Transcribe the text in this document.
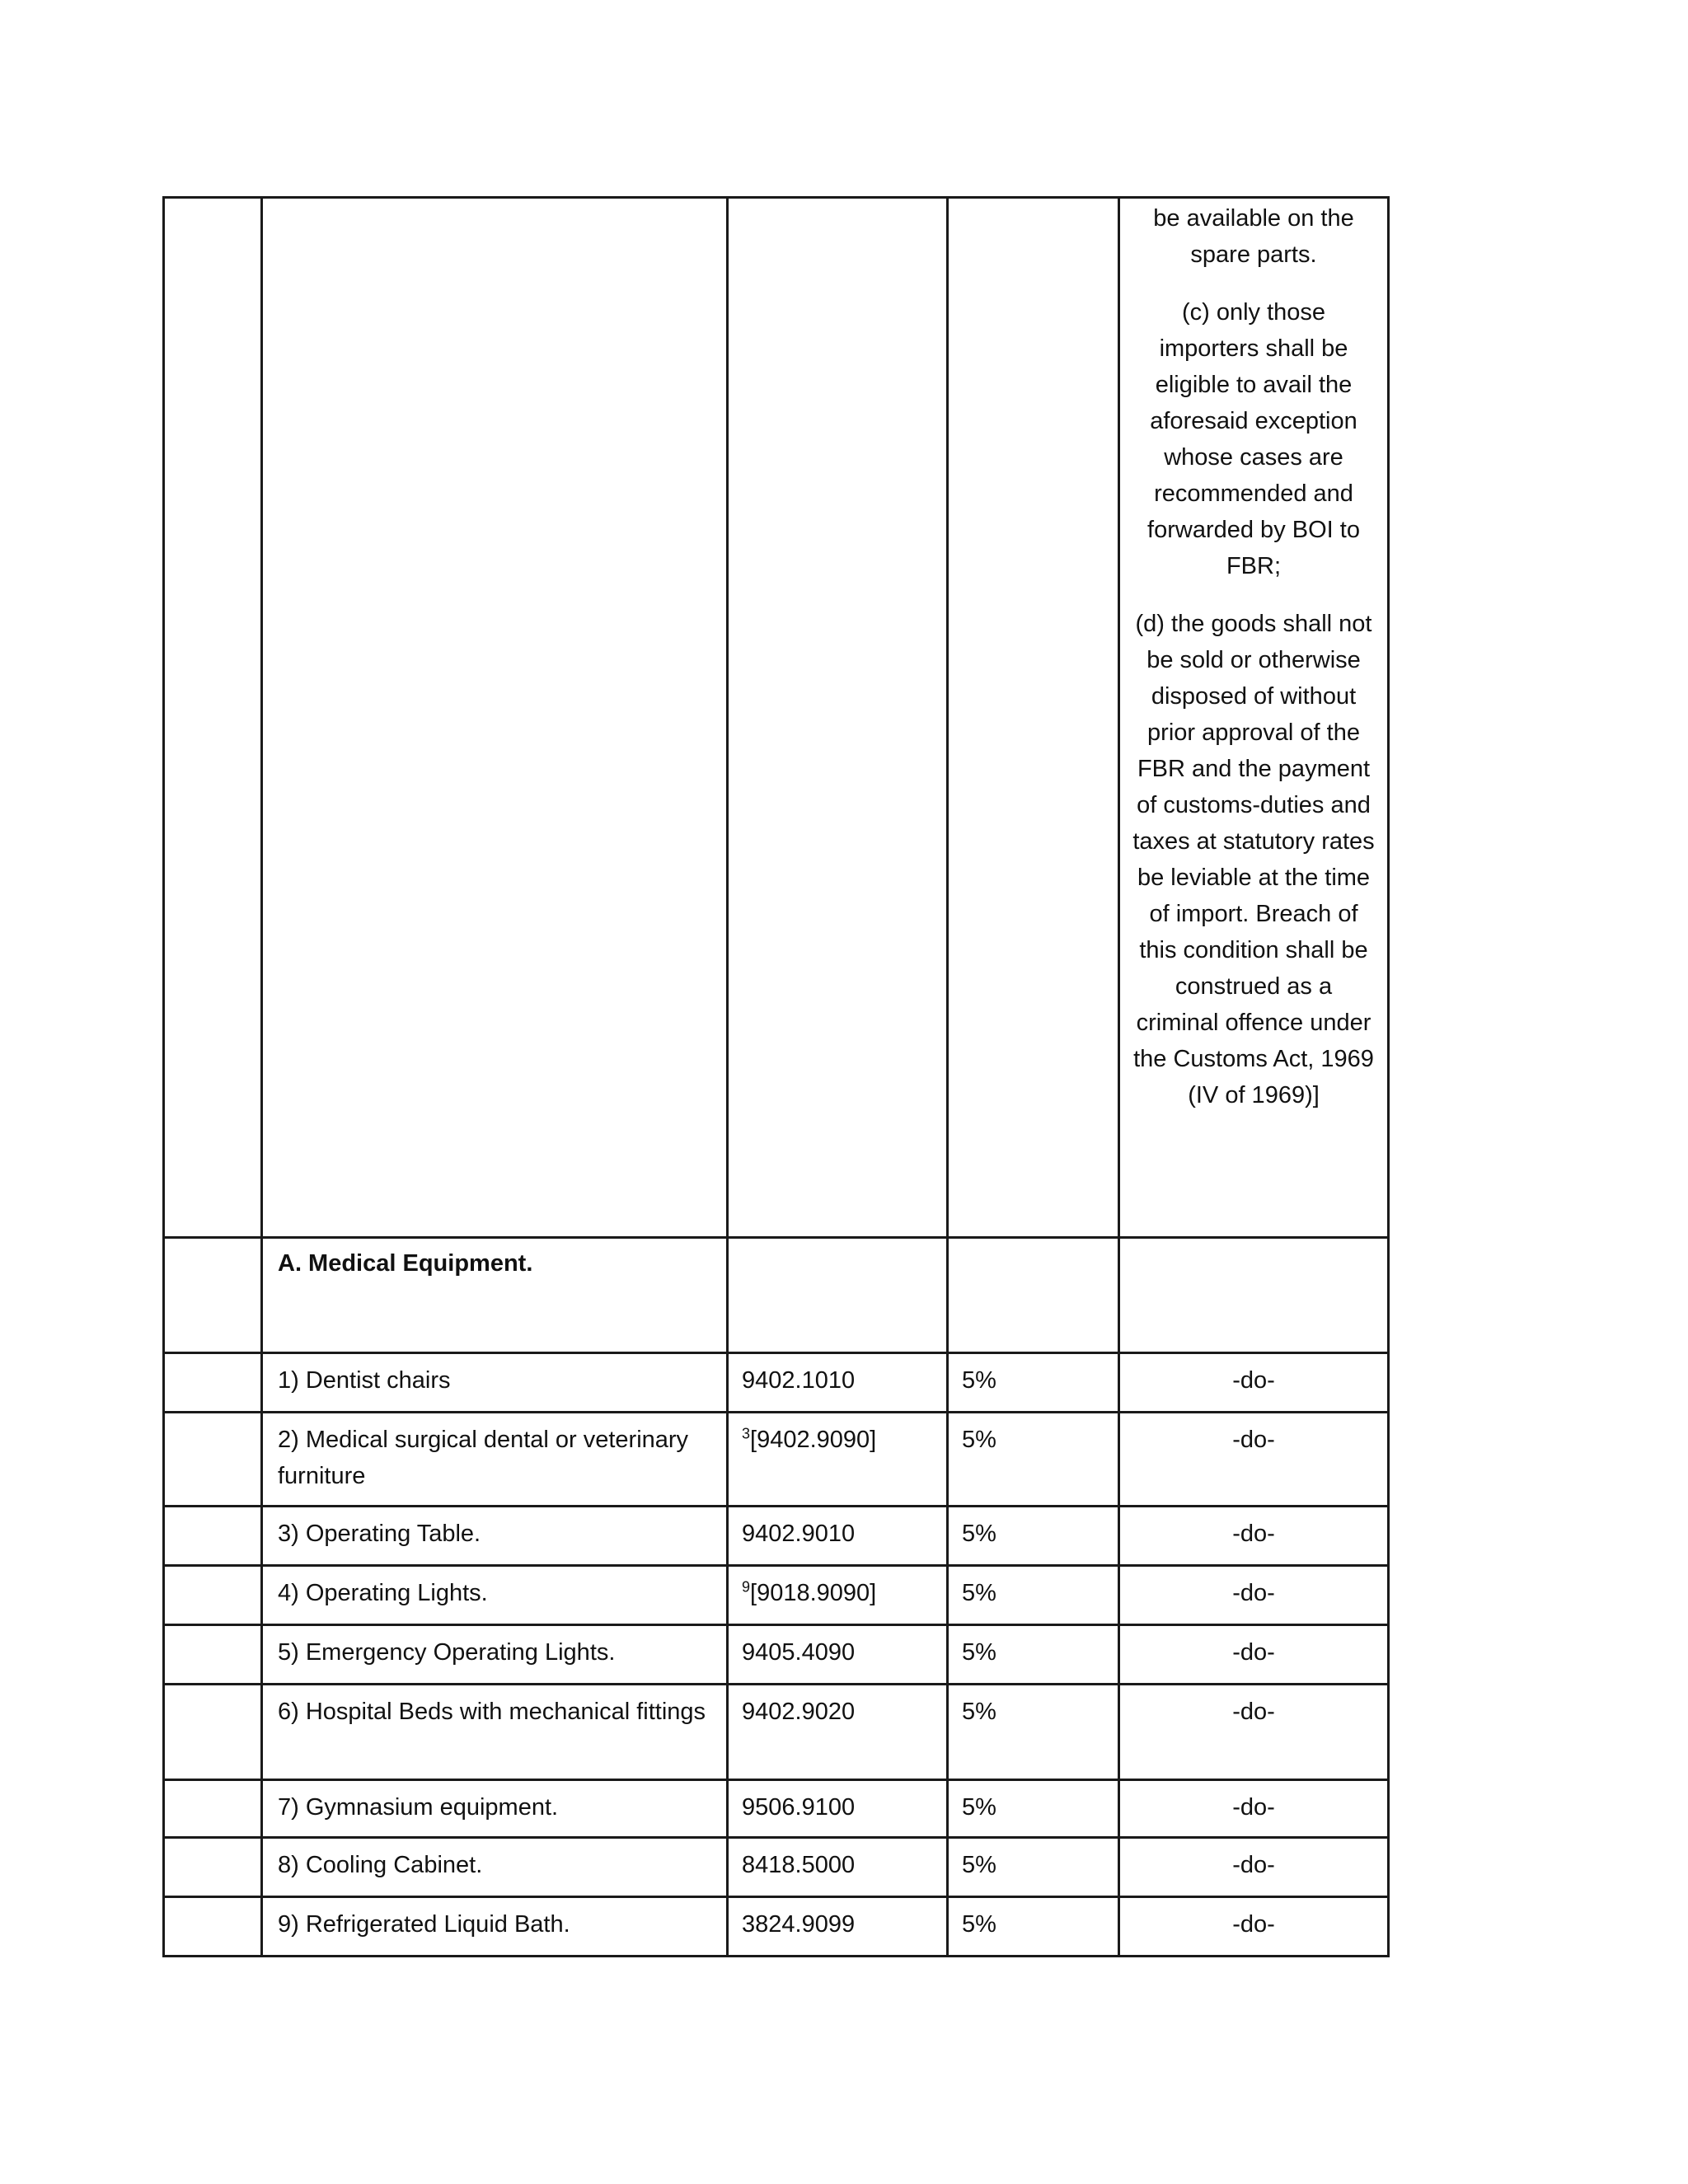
				be available on the spare parts.
(c) only those importers shall be eligible to avail the aforesaid exception whose cases are recommended and forwarded by BOI to FBR;
(d) the goods shall not be sold or otherwise disposed of without prior approval of the FBR and the payment of customs-duties and taxes at statutory rates be leviable at the time of import. Breach of this condition shall be construed as a criminal offence under the Customs Act, 1969 (IV of 1969)]

	A. Medical Equipment.			

	1) Dentist chairs	9402.1010	5%	-do-

	2) Medical surgical dental or veterinary furniture	$^3$[9402.9090]	5%	-do-

	3) Operating Table.	9402.9010	5%	-do-

	4) Operating Lights.	$^9$[9018.9090]	5%	-do-

	5) Emergency Operating Lights.	9405.4090	5%	-do-

	6) Hospital Beds with mechanical fittings	9402.9020	5%	-do-

	7) Gymnasium equipment.	9506.9100	5%	-do-

	8) Cooling Cabinet.	8418.5000	5%	-do-

	9) Refrigerated Liquid Bath.	3824.9099	5%	-do-
